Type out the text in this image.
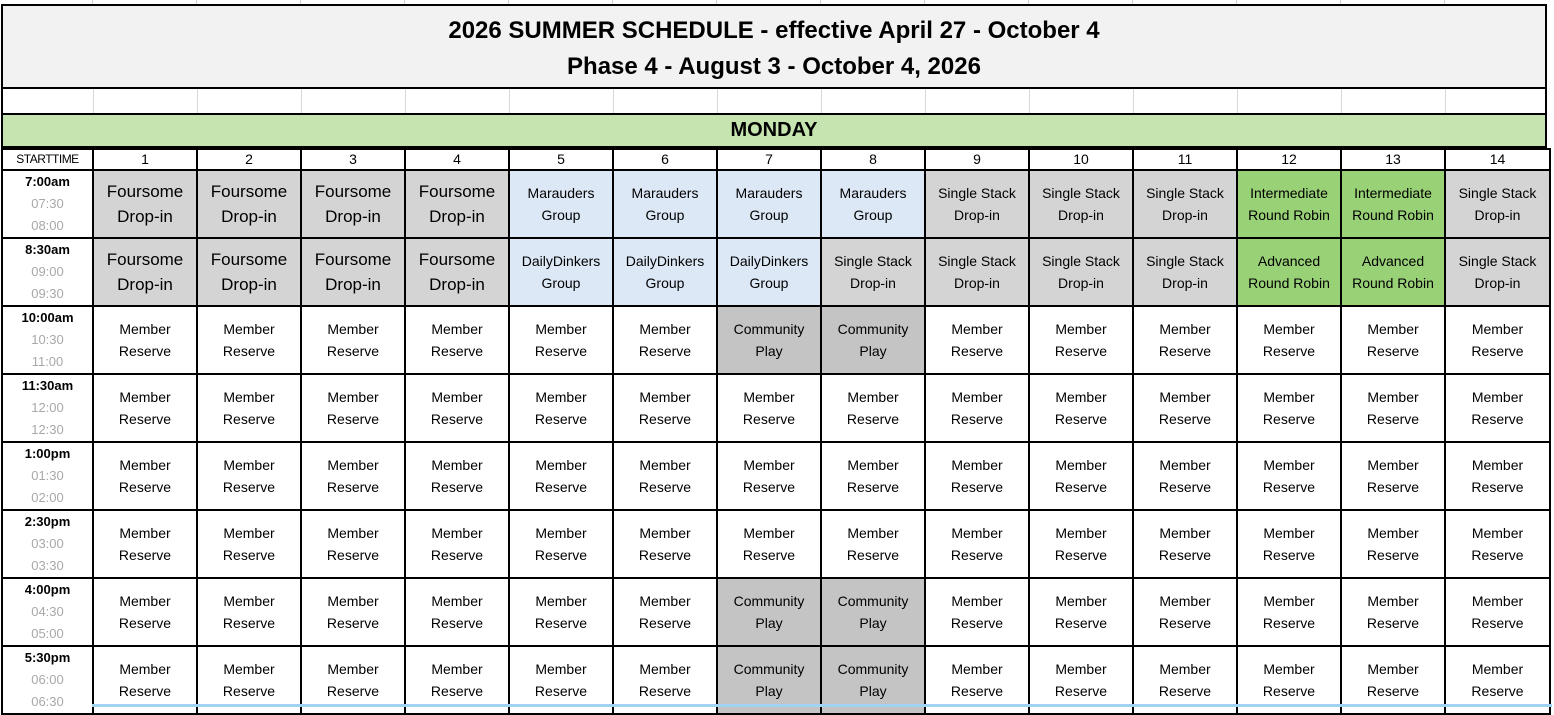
2026 SUMMER SCHEDULE - effective April 27 - October 4
Phase 4 - August 3 - October 4, 2026
MONDAY
STARTTIME	1	2	3	4	5	6	7	8	9	10	11	12	13	14

7:00am
07:30
08:00	Foursome Drop-in	Foursome Drop-in	Foursome Drop-in	Foursome Drop-in	Marauders Group	Marauders Group	Marauders Group	Marauders Group	Single Stack Drop-in	Single Stack Drop-in	Single Stack Drop-in	Intermediate Round Robin	Intermediate Round Robin	Single Stack Drop-in

8:30am
09:00
09:30	Foursome Drop-in	Foursome Drop-in	Foursome Drop-in	Foursome Drop-in	DailyDinkers Group	DailyDinkers Group	DailyDinkers Group	Single Stack Drop-in	Single Stack Drop-in	Single Stack Drop-in	Single Stack Drop-in	Advanced Round Robin	Advanced Round Robin	Single Stack Drop-in

10:00am
10:30
11:00	Member Reserve	Member Reserve	Member Reserve	Member Reserve	Member Reserve	Member Reserve	Community Play	Community Play	Member Reserve	Member Reserve	Member Reserve	Member Reserve	Member Reserve	Member Reserve

11:30am
12:00
12:30	Member Reserve	Member Reserve	Member Reserve	Member Reserve	Member Reserve	Member Reserve	Member Reserve	Member Reserve	Member Reserve	Member Reserve	Member Reserve	Member Reserve	Member Reserve	Member Reserve

1:00pm
01:30
02:00	Member Reserve	Member Reserve	Member Reserve	Member Reserve	Member Reserve	Member Reserve	Member Reserve	Member Reserve	Member Reserve	Member Reserve	Member Reserve	Member Reserve	Member Reserve	Member Reserve

2:30pm
03:00
03:30	Member Reserve	Member Reserve	Member Reserve	Member Reserve	Member Reserve	Member Reserve	Member Reserve	Member Reserve	Member Reserve	Member Reserve	Member Reserve	Member Reserve	Member Reserve	Member Reserve

4:00pm
04:30
05:00	Member Reserve	Member Reserve	Member Reserve	Member Reserve	Member Reserve	Member Reserve	Community Play	Community Play	Member Reserve	Member Reserve	Member Reserve	Member Reserve	Member Reserve	Member Reserve

5:30pm
06:00
06:30	Member Reserve	Member Reserve	Member Reserve	Member Reserve	Member Reserve	Member Reserve	Community Play	Community Play	Member Reserve	Member Reserve	Member Reserve	Member Reserve	Member Reserve	Member Reserve
